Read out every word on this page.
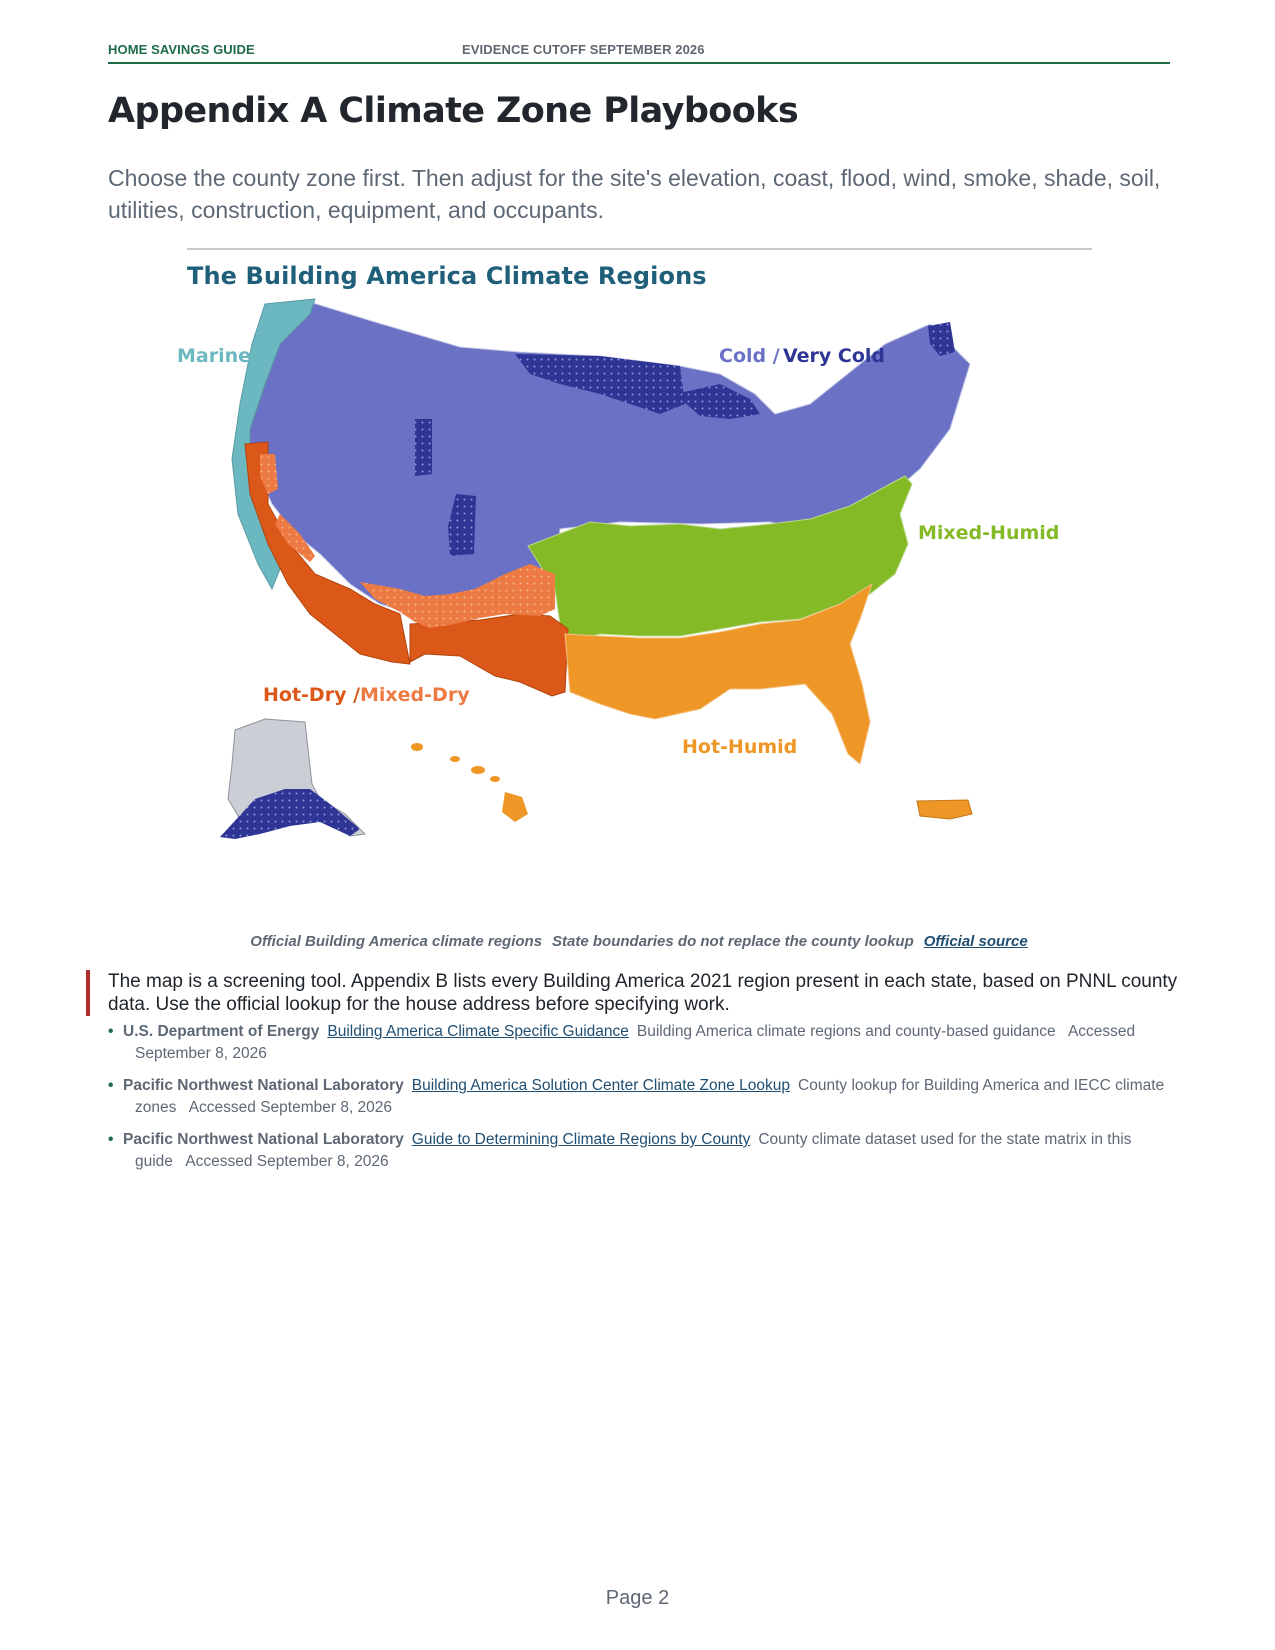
HOME SAVINGS GUIDE	EVIDENCE CUTOFF SEPTEMBER 2026
Appendix A Climate Zone Playbooks

Choose the county zone first. Then adjust for the site's elevation, coast, flood, wind, smoke, shade, soil, utilities, construction, equipment, and occupants.

The Building America Climate Regions
Marine	Cold / Very Cold
Mixed-Humid
Hot-Dry / Mixed-Dry
Hot-Humid
Official Building America climate regions State boundaries do not replace the county lookup Official source
The map is a screening tool. Appendix B lists every Building America 2021 region present in each state, based on PNNL county data. Use the official lookup for the house address before specifying work.
• U.S. Department of Energy Building America Climate Specific Guidance Building America climate regions and county-based guidance Accessed September 8, 2026
• Pacific Northwest National Laboratory Building America Solution Center Climate Zone Lookup County lookup for Building America and IECC climate zones Accessed September 8, 2026
• Pacific Northwest National Laboratory Guide to Determining Climate Regions by County County climate dataset used for the state matrix in this guide Accessed September 8, 2026
Page 2
